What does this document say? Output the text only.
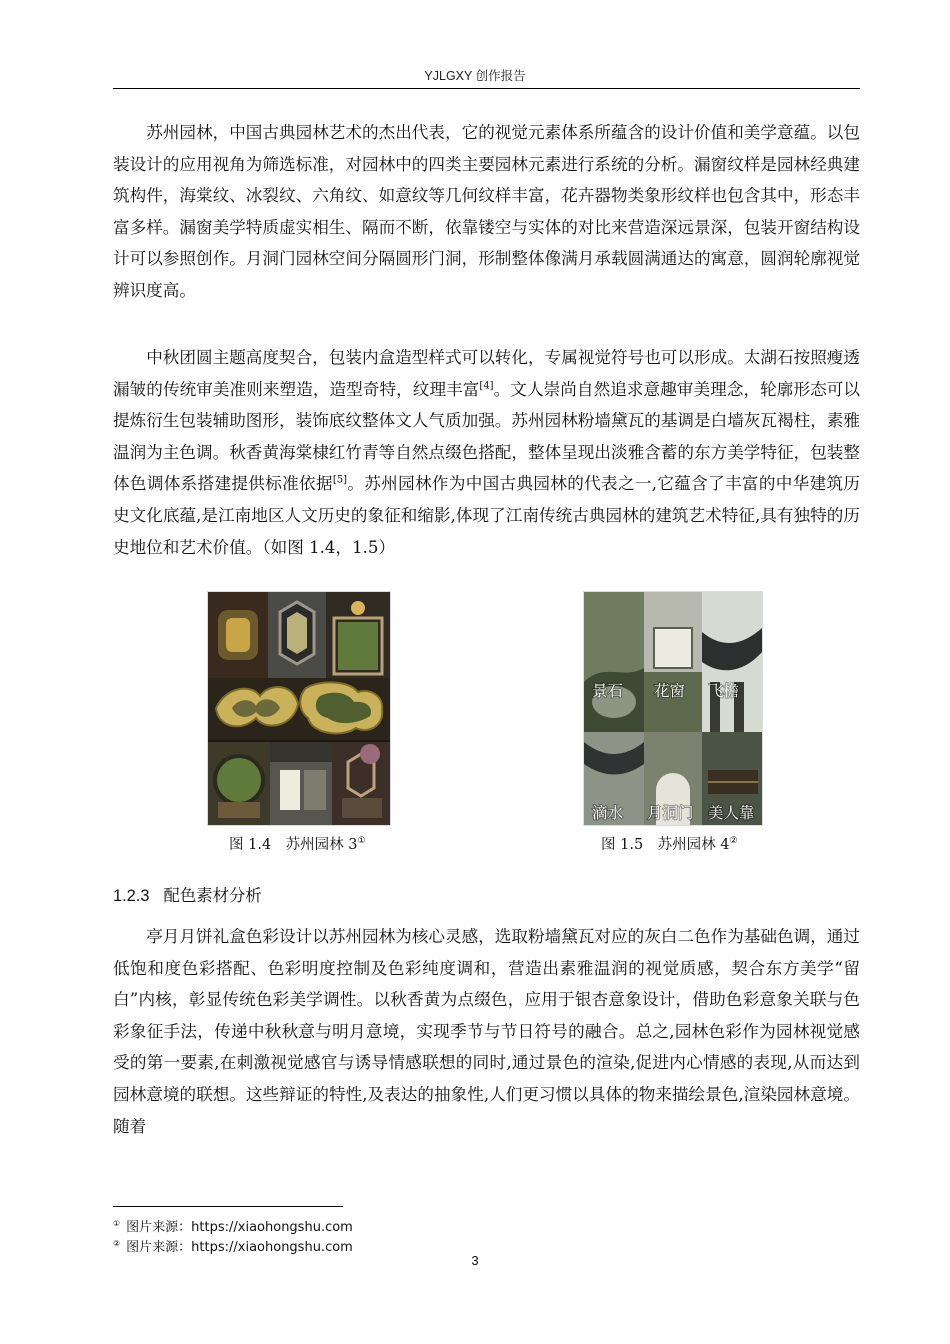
YJLGXY 创作报告

苏州园林，中国古典园林艺术的杰出代表，它的视觉元素体系所蕴含的设计价值和美学意蕴。以包装设计的应用视角为筛选标准，对园林中的四类主要园林元素进行系统的分析。漏窗纹样是园林经典建筑构件，海棠纹、冰裂纹、六角纹、如意纹等几何纹样丰富，花卉器物类象形纹样也包含其中，形态丰富多样。漏窗美学特质虚实相生、隔而不断，依靠镂空与实体的对比来营造深远景深，包装开窗结构设计可以参照创作。月洞门园林空间分隔圆形门洞，形制整体像满月承载圆满通达的寓意，圆润轮廓视觉辨识度高。

中秋团圆主题高度契合，包装内盒造型样式可以转化，专属视觉符号也可以形成。太湖石按照瘦透漏皱的传统审美准则来塑造，造型奇特，纹理丰富[4]。文人崇尚自然追求意趣审美理念，轮廓形态可以提炼衍生包装辅助图形，装饰底纹整体文人气质加强。苏州园林粉墙黛瓦的基调是白墙灰瓦褐柱，素雅温润为主色调。秋香黄海棠棣红竹青等自然点缀色搭配，整体呈现出淡雅含蓄的东方美学特征，包装整体色调体系搭建提供标准依据[5]。苏州园林作为中国古典园林的代表之一,它蕴含了丰富的中华建筑历史文化底蕴,是江南地区人文历史的象征和缩影,体现了江南传统古典园林的建筑艺术特征,具有独特的历史地位和艺术价值。（如图 1.4，1.5）

景石 花窗 飞檐
滴水 月洞门 美人靠
图 1.4　苏州园林 3①	图 1.5　苏州园林 4②
1.2.3 配色素材分析

亭月月饼礼盒色彩设计以苏州园林为核心灵感，选取粉墙黛瓦对应的灰白二色作为基础色调，通过低饱和度色彩搭配、色彩明度控制及色彩纯度调和，营造出素雅温润的视觉质感，契合东方美学“留白”内核，彰显传统色彩美学调性。以秋香黄为点缀色，应用于银杏意象设计，借助色彩意象关联与色彩象征手法，传递中秋秋意与明月意境，实现季节与节日符号的融合。总之,园林色彩作为园林视觉感受的第一要素,在刺激视觉感官与诱导情感联想的同时,通过景色的渲染,促进内心情感的表现,从而达到园林意境的联想。这些辩证的特性,及表达的抽象性,人们更习惯以具体的物来描绘景色,渲染园林意境。随着

① 图片来源：https://xiaohongshu.com
② 图片来源：https://xiaohongshu.com
3
